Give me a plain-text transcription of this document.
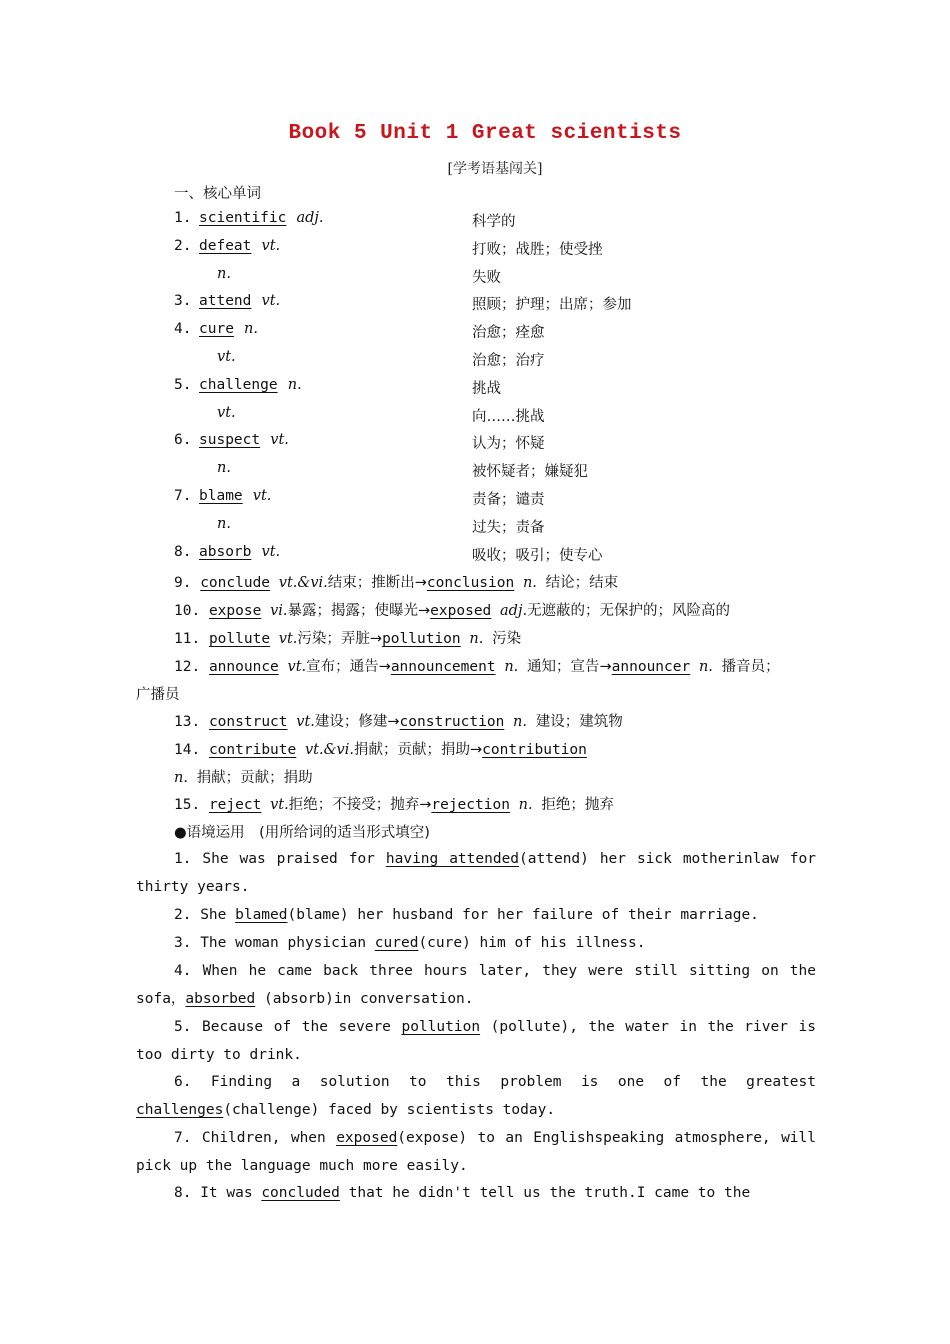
Book 5 Unit 1 Great scientists
[学考语基闯关]
一、核心单词
1. scientific adj.	科学的
2. defeat vt.	打败；战胜；使受挫
n.	失败
3. attend vt.	照顾；护理；出席；参加
4. cure n.	治愈；痊愈
vt.	治愈；治疗
5. challenge n.	挑战
vt.	向……挑战
6. suspect vt.	认为；怀疑
n.	被怀疑者；嫌疑犯
7. blame vt.	责备；谴责
n.	过失；责备
8. absorb vt.	吸收；吸引；使专心
9. conclude vt.&vi.结束；推断出→conclusion n. 结论；结束
10. expose vi.暴露；揭露；使曝光→exposed adj.无遮蔽的；无保护的；风险高的
11. pollute vt.污染；弄脏→pollution n. 污染
12. announce vt.宣布；通告→announcement n. 通知；宣告→announcer n. 播音员；
广播员
13. construct vt.建设；修建→construction n. 建设；建筑物
14. contribute vt.&vi.捐献；贡献；捐助→contribution
n. 捐献；贡献；捐助
15. reject vt.拒绝；不接受；抛弃→rejection n. 拒绝；抛弃
●语境运用　(用所给词的适当形式填空)
1. She was praised for having attended(attend) her sick motherinlaw for thirty years.
2. She blamed(blame) her husband for her failure of their marriage.
3. The woman physician cured(cure) him of his illness.
4. When he came back three hours later, they were still sitting on the sofa，absorbed (absorb)in conversation.
5. Because of the severe pollution (pollute), the water in the river is too dirty to drink.
6. Finding a solution to this problem is one of the greatest challenges(challenge) faced by scientists today.
7. Children, when exposed(expose) to an Englishspeaking atmosphere, will pick up the language much more easily.
8. It was concluded that he didn't tell us the truth.I came to the
